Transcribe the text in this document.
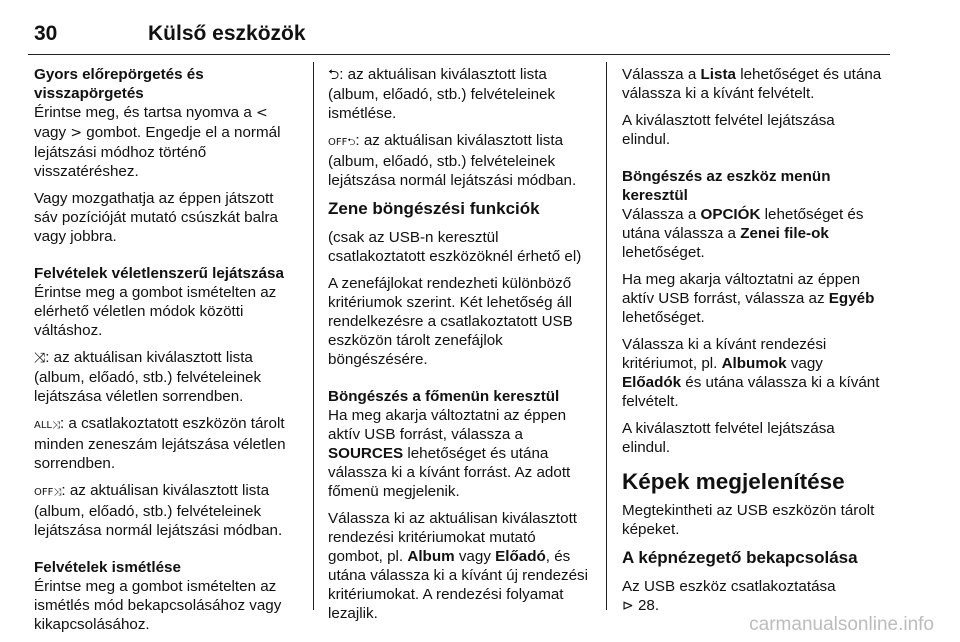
30	Külső eszközök
Gyors előrepörgetés és visszapörgetés

Érintse meg, és tartsa nyomva a < vagy > gombot. Engedje el a normál lejátszási módhoz történő visszatéréshez.

Vagy mozgathatja az éppen játszott sáv pozícióját mutató csúszkát balra vagy jobbra.

Felvételek véletlenszerű lejátszása

Érintse meg a gombot ismételten az elérhető véletlen módok közötti váltáshoz.

⤨: az aktuálisan kiválasztott lista (album, előadó, stb.) felvételeinek lejátszása véletlen sorrendben.

ALL⤨: a csatlakoztatott eszközön tárolt minden zeneszám lejátszása véletlen sorrendben.

OFF⤨: az aktuálisan kiválasztott lista (album, előadó, stb.) felvételeinek lejátszása normál lejátszási módban.

Felvételek ismétlése

Érintse meg a gombot ismételten az ismétlés mód bekapcsolásához vagy kikapcsolásához.

⮌: az aktuálisan kiválasztott lista (album, előadó, stb.) felvételeinek ismétlése.

OFF⮌: az aktuálisan kiválasztott lista (album, előadó, stb.) felvételeinek lejátszása normál lejátszási módban.

Zene böngészési funkciók

(csak az USB-n keresztül csatlakoztatott eszközöknél érhető el)

A zenefájlokat rendezheti különböző kritériumok szerint. Két lehetőség áll rendelkezésre a csatlakoztatott USB eszközön tárolt zenefájlok böngészésére.

Böngészés a főmenün keresztül

Ha meg akarja változtatni az éppen aktív USB forrást, válassza a SOURCES lehetőséget és utána válassza ki a kívánt forrást. Az adott főmenü megjelenik.

Válassza ki az aktuálisan kiválasztott rendezési kritériumokat mutató gombot, pl. Album vagy Előadó, és utána válassza ki a kívánt új rendezési kritériumokat. A rendezési folyamat lezajlik.

Válassza a Lista lehetőséget és utána válassza ki a kívánt felvételt.

A kiválasztott felvétel lejátszása elindul.

Böngészés az eszköz menün keresztül

Válassza a OPCIÓK lehetőséget és utána válassza a Zenei file-ok lehetőséget.

Ha meg akarja változtatni az éppen aktív USB forrást, válassza az Egyéb lehetőséget.

Válassza ki a kívánt rendezési kritériumot, pl. Albumok vagy Előadók és utána válassza ki a kívánt felvételt.

A kiválasztott felvétel lejátszása elindul.

Képek megjelenítése

Megtekintheti az USB eszközön tárolt képeket.

A képnézegető bekapcsolása

Az USB eszköz csatlakoztatása
⊳ 28.

carmanualsonline.info
